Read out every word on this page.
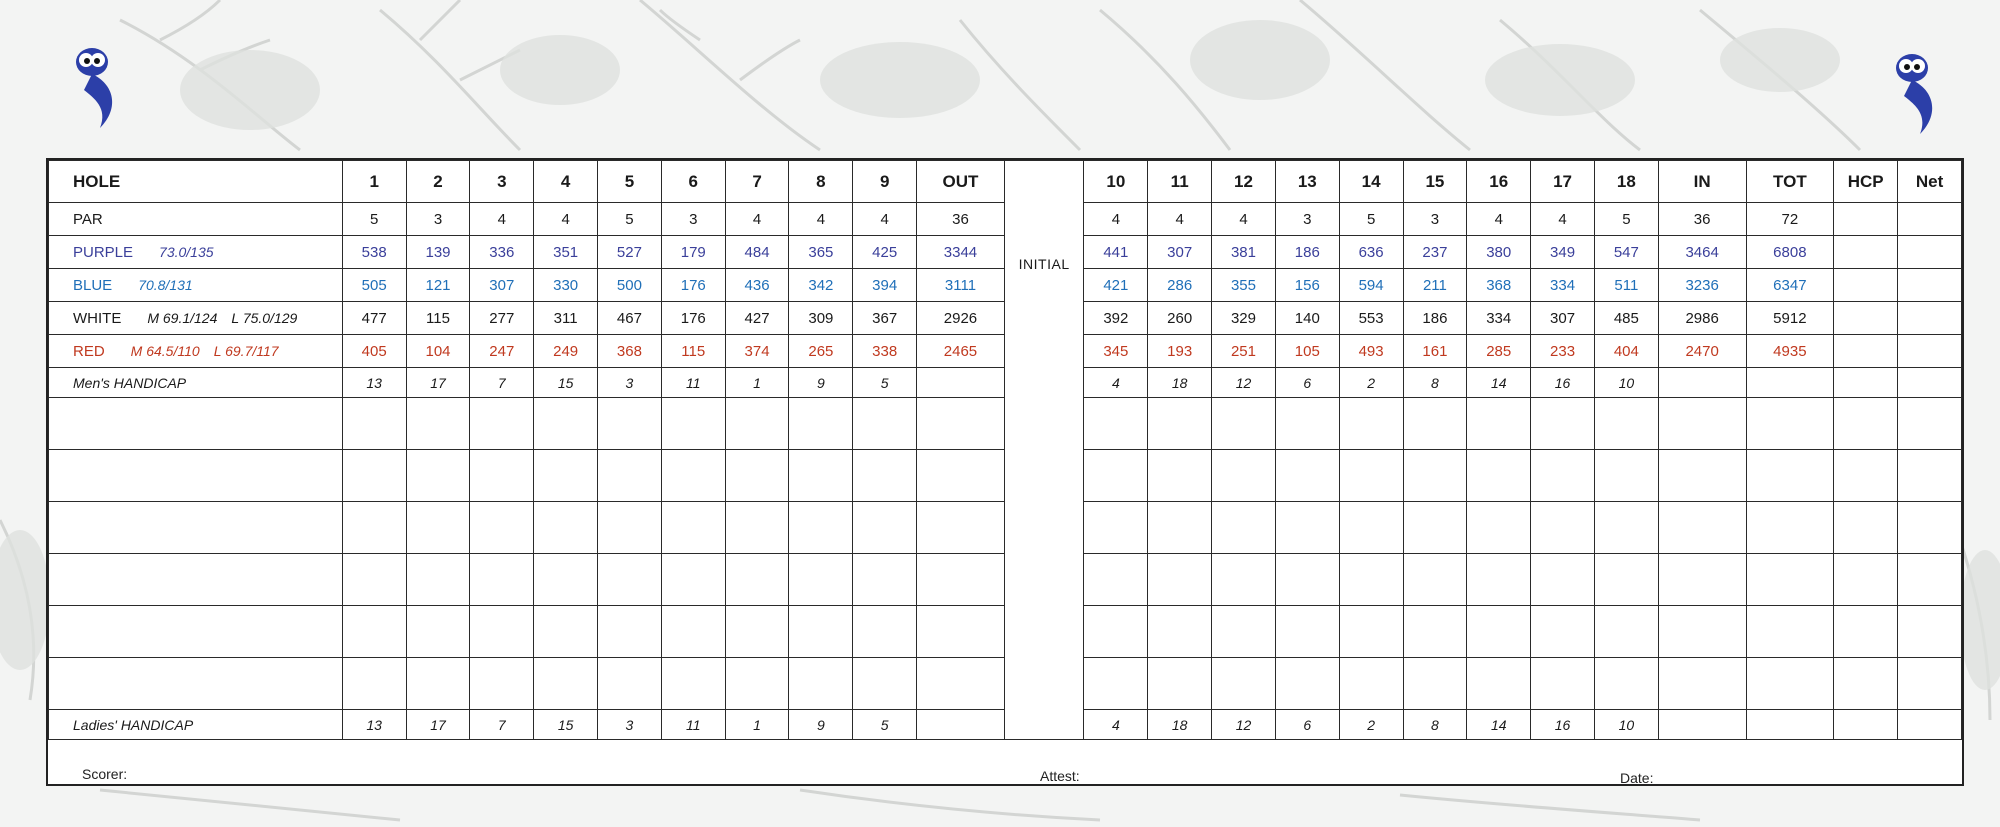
HOLE	1	2	3	4	5	6	7	8	9	OUT		10	11	12	13	14	15	16	17	18	IN	TOT	HCP	Net
PAR	5	3	4	4	5	3	4	4	4	36		4	4	4	3	5	3	4	4	5	36	72		
PURPLE 73.0/135	538	139	336	351	527	179	484	365	425	3344	INITIAL	441	307	381	186	636	237	380	349	547	3464	6808		
BLUE 70.8/131	505	121	307	330	500	176	436	342	394	3111		421	286	355	156	594	211	368	334	511	3236	6347		
WHITE M 69.1/124 L 75.0/129	477	115	277	311	467	176	427	309	367	2926		392	260	329	140	553	186	334	307	485	2986	5912		
RED M 64.5/110 L 69.7/117	405	104	247	249	368	115	374	265	338	2465		345	193	251	105	493	161	285	233	404	2470	4935		
Men's HANDICAP	13	17	7	15	3	11	1	9	5			4	18	12	6	2	8	14	16	10				

Ladies' HANDICAP	13	17	7	15	3	11	1	9	5			4	18	12	6	2	8	14	16	10				
Scorer:	Attest:	Date:
